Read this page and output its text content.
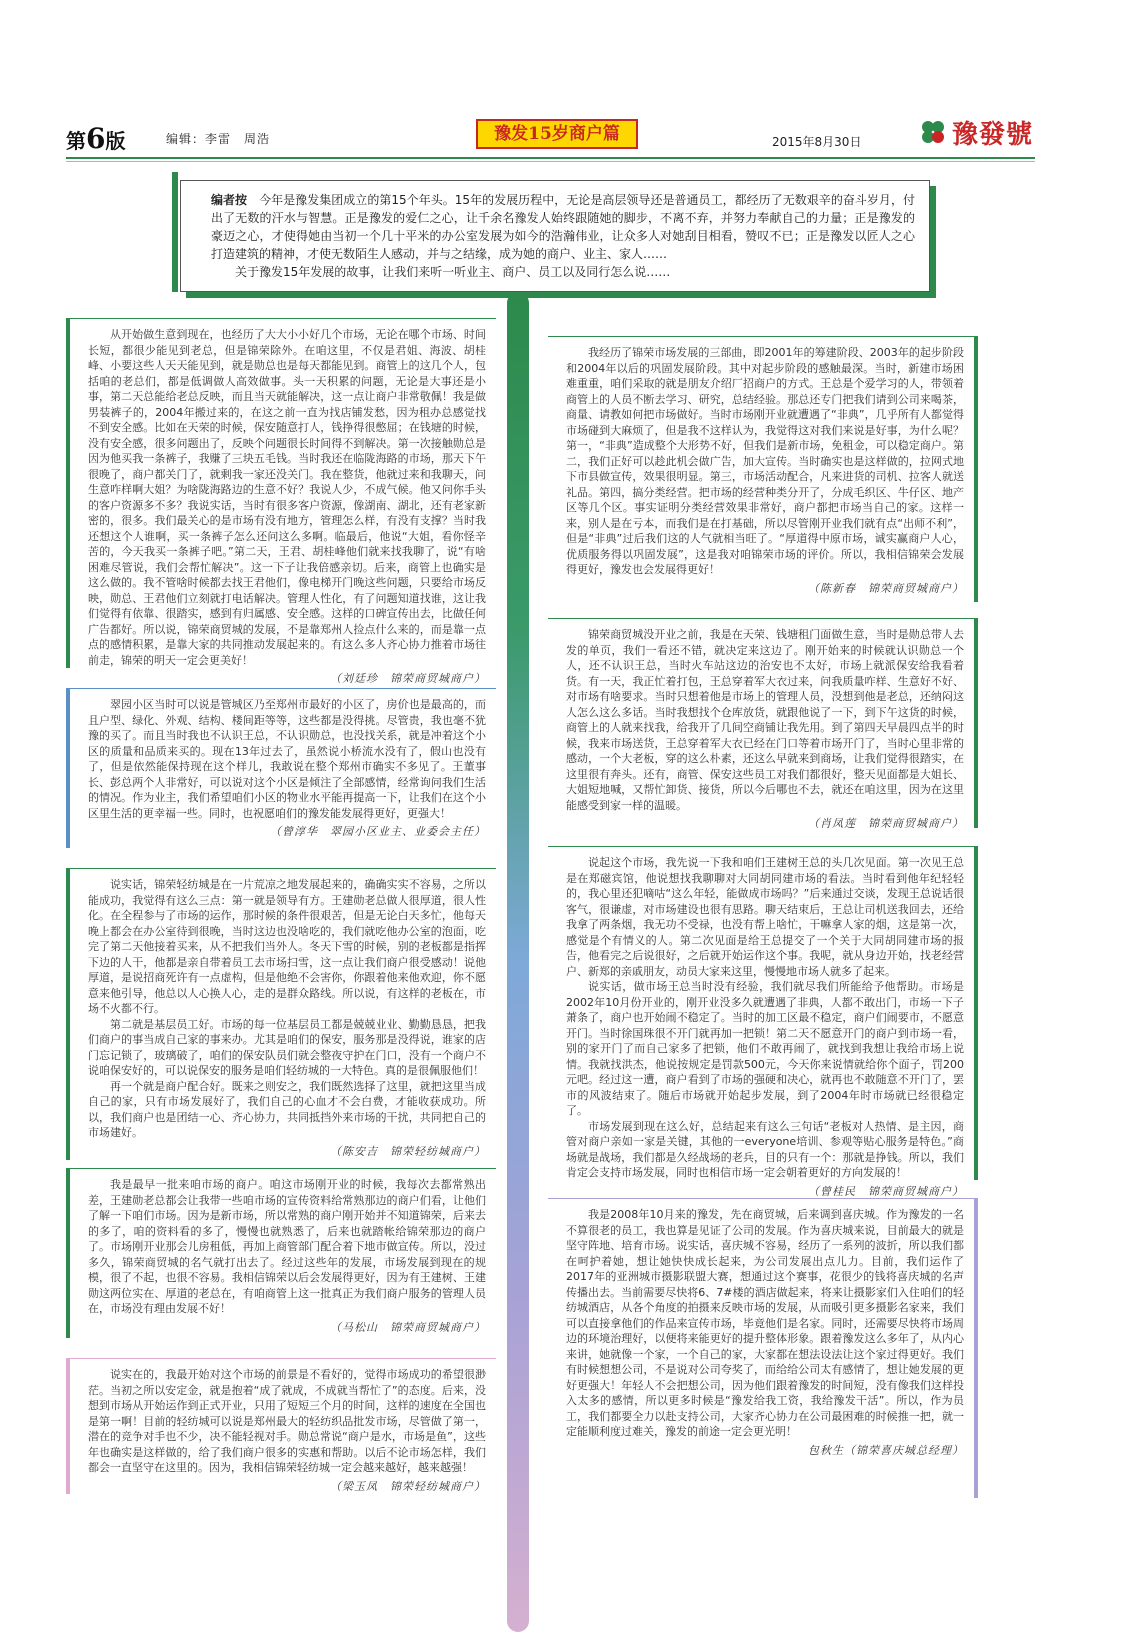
第6版	编辑：李雷　周浩	豫发15岁商户篇	2015年8月30日	豫發號
编者按　 今年是豫发集团成立的第15个年头。15年的发展历程中，无论是高层领导还是普通员工，都经历了无数艰辛的奋斗岁月，付出了无数的汗水与智慧。正是豫发的爱仁之心，让千余名豫发人始终跟随她的脚步，不离不弃，并努力奉献自己的力量；正是豫发的豪迈之心，才使得她由当初一个几十平米的办公室发展为如今的浩瀚伟业，让众多人对她刮目相看，赞叹不已；正是豫发以匠人之心打造建筑的精神，才使无数陌生人感动，并与之结缘，成为她的商户、业主、家人……
关于豫发15年发展的故事，让我们来听一听业主、商户、员工以及同行怎么说……

从开始做生意到现在，也经历了大大小小好几个市场，无论在哪个市场、时间长短，都很少能见到老总，但是锦荣除外。在咱这里，不仅是君姐、海波、胡桂峰、小要这些人天天能见到，就是勋总也是每天都能见到。商管上的这几个人，包括咱的老总们，都是低调做人高效做事。头一天积累的问题，无论是大事还是小事，第二天总能给老总反映，而且当天就能解决，这一点让商户非常敬佩！我是做男装裤子的，2004年搬过来的，在这之前一直为找店铺发愁，因为租办总感觉找不到安全感。比如在天荣的时候，保安随意打人，钱挣得很憋屈；在钱塘的时候，没有安全感，很多问题出了，反映个问题很长时间得不到解决。第一次接触勋总是因为他买我一条裤子，我赚了三块五毛钱。当时我还在临陇海路的市场，那天下午很晚了，商户都关门了，就剩我一家还没关门。我在整货，他就过来和我聊天，问生意咋样啊大姐？为啥陇海路边的生意不好？我说人少，不成气候。他又问你手头的客户资源多不多？我说实话，当时有很多客户资源，像湖南、湖北，还有老家新密的，很多。我们最关心的是市场有没有地方，管理怎么样，有没有支撑？当时我还想这个人谁啊，买一条裤子怎么还问这么多啊。临最后，他说“大姐，看你怪辛苦的，今天我买一条裤子吧。”第二天，王君、胡桂峰他们就来找我聊了，说“有啥困难尽管说，我们会帮忙解决”。这一下子让我倍感亲切。后来，商管上也确实是这么做的。我不管啥时候都去找王君他们，像电梯开门晚这些问题，只要给市场反映，勋总、王君他们立刻就打电话解决。管理人性化，有了问题知道找谁，这让我们觉得有依靠、很踏实，感到有归属感、安全感。这样的口碑宣传出去，比做任何广告都好。所以说，锦荣商贸城的发展，不是靠郑州人捡点什么来的，而是靠一点点的感情积累，是靠大家的共同推动发展起来的。有这么多人齐心协力推着市场往前走，锦荣的明天一定会更美好！

（刘廷珍　锦荣商贸城商户）

翠园小区当时可以说是管城区乃至郑州市最好的小区了，房价也是最高的，而且户型、绿化、外观、结构、楼间距等等，这些都是没得挑。尽管贵，我也毫不犹豫的买了。而且当时我也不认识王总，不认识勋总，也没找关系，就是冲着这个小区的质量和品质来买的。现在13年过去了，虽然说小桥流水没有了，假山也没有了，但是依然能保持现在这个样儿，我敢说在整个郑州市确实不多见了。王董事长、彭总两个人非常好，可以说对这个小区是倾注了全部感情，经常询问我们生活的情况。作为业主，我们希望咱们小区的物业水平能再提高一下，让我们在这个小区里生活的更幸福一些。同时，也祝愿咱们的豫发能发展得更好，更强大！

（曾淳华　翠园小区业主、业委会主任）

说实话，锦荣轻纺城是在一片荒凉之地发展起来的，确确实实不容易，之所以能成功，我觉得有这么三点：第一就是领导有方。王建勋老总做人很厚道，很人性化。在全程参与了市场的运作，那时候的条件很艰苦，但是无论白天多忙，他每天晚上都会在办公室待到很晚，当时这边也没啥吃的，我们就吃他办公室的泡面，吃完了第二天他接着买来，从不把我们当外人。冬天下雪的时候，别的老板都是指挥下边的人干，他都是亲自带着员工去市场扫雪，这一点让我们商户很受感动！说他厚道，是说招商死许有一点虚构，但是他绝不会害你，你跟着他来他欢迎，你不愿意来他引导，他总以人心换人心，走的是群众路线。所以说，有这样的老板在，市场不火都不行。

第二就是基层员工好。市场的每一位基层员工都是兢兢业业、勤勤恳恳，把我们商户的事当成自己家的事来办。尤其是咱们的保安，服务那是没得说，谁家的店门忘记锁了，玻璃破了，咱们的保安队员们就会整夜守护在门口，没有一个商户不说咱保安好的，可以说保安的服务是咱们轻纺城的一大特色。真的是很佩服他们！

再一个就是商户配合好。既来之则安之，我们既然选择了这里，就把这里当成自己的家，只有市场发展好了，我们自己的心血才不会白费，才能收获成功。所以，我们商户也是团结一心、齐心协力，共同抵挡外来市场的干扰，共同把自己的市场建好。

（陈安吉　锦荣轻纺城商户）

我是最早一批来咱市场的商户。咱这市场刚开业的时候，我每次去都常熟出差，王建勋老总都会让我带一些咱市场的宣传资料给常熟那边的商户们看，让他们了解一下咱们市场。因为是新市场，所以常熟的商户刚开始并不知道锦荣，后来去的多了，咱的资料看的多了，慢慢也就熟悉了，后来也就踏帐给锦荣那边的商户了。市场刚开业那会儿房租低，再加上商管部门配合着下地市做宣传。所以，没过多久，锦荣商贸城的名气就打出去了。经过这些年的发展，市场发展到现在的规模，很了不起，也很不容易。我相信锦荣以后会发展得更好，因为有王建树、王建勋这两位实在、厚道的老总在，有咱商管上这一批真正为我们商户服务的管理人员在，市场没有理由发展不好！

（马松山　锦荣商贸城商户）

说实在的，我最开始对这个市场的前景是不看好的，觉得市场成功的希望很渺茫。当初之所以安定金，就是抱着“成了就成，不成就当帮忙了”的态度。后来，没想到市场从开始运作到正式开业，只用了短短三个月的时间，这样的速度在全国也是第一啊！目前的轻纺城可以说是郑州最大的轻纺织品批发市场，尽管做了第一，潜在的竞争对手也不少，决不能轻视对手。勋总常说“商户是水，市场是鱼”，这些年也确实是这样做的，给了我们商户很多的实惠和帮助。以后不论市场怎样，我们都会一直坚守在这里的。因为，我相信锦荣轻纺城一定会越来越好，越来越强！

（梁玉凤　锦荣轻纺城商户）

我经历了锦荣市场发展的三部曲，即2001年的筹建阶段、2003年的起步阶段和2004年以后的巩固发展阶段。其中对起步阶段的感触最深。当时，新建市场困难重重，咱们采取的就是朋友介绍厂招商户的方式。王总是个爱学习的人，带领着商管上的人员不断去学习、研究，总结经验。那总还专门把我们请到公司来喝茶，商量、请教如何把市场做好。当时市场刚开业就遭遇了“非典”，几乎所有人都觉得市场碰到大麻烦了，但是我不这样认为，我觉得这对我们来说是好事，为什么呢？第一，“非典”造成整个大形势不好，但我们是新市场，免租金，可以稳定商户。第二，我们正好可以趁此机会做广告，加大宣传。当时确实也是这样做的，拉网式地下市县做宣传，效果很明显。第三，市场活动配合，凡来进货的司机、拉客人就送礼品。第四，搞分类经营。把市场的经营种类分开了，分成毛织区、牛仔区、地产区等几个区。事实证明分类经营效果非常好，商户都把市场当自己的家。这样一来，别人是在亏本，而我们是在打基础，所以尽管刚开业我们就有点“出师不利”，但是“非典”过后我们这的人气就相当旺了。“厚道得中原市场，诚实赢商户人心，优质服务得以巩固发展”，这是我对咱锦荣市场的评价。所以，我相信锦荣会发展得更好，豫发也会发展得更好！

（陈新春　锦荣商贸城商户）

锦荣商贸城没开业之前，我是在天荣、钱塘租门面做生意，当时是勋总带人去发的单页，我们一看还不错，就决定来这边了。刚开始来的时候就认识勋总一个人，还不认识王总，当时火车站这边的治安也不太好，市场上就派保安给我看着货。有一天，我正忙着打包，王总穿着军大衣过来，问我质量咋样、生意好不好、对市场有啥要求。当时只想着他是市场上的管理人员，没想到他是老总，还纳闷这人怎么这么多话。当时我想找个仓库放货，就跟他说了一下，到下午这货的时候，商管上的人就来找我，给我开了几间空商铺让我先用。到了第四天早晨四点半的时候，我来市场送货，王总穿着军大衣已经在门口等着市场开门了，当时心里非常的感动，一个大老板，穿的这么朴素，还这么早就来到商场，让我们觉得很踏实，在这里很有奔头。还有，商管、保安这些员工对我们都很好，整天见面都是大姐长、大姐短地喊，又帮忙卸货、接货，所以今后哪也不去，就还在咱这里，因为在这里能感受到家一样的温暖。

（肖凤莲　锦荣商贸城商户）

说起这个市场，我先说一下我和咱们王建树王总的头几次见面。第一次见王总是在郑磁宾馆，他说想找我聊聊对大同胡同建市场的看法。当时看到他年纪轻轻的，我心里还犯嘀咕“这么年轻，能做成市场吗？”后来通过交谈，发现王总说话很客气，很谦虚，对市场建设也很有思路。聊天结束后，王总让司机送我回去，还给我拿了两条烟，我无功不受禄，也没有帮上啥忙，干嘛拿人家的烟，这是第一次，感觉是个有情义的人。第二次见面是给王总提交了一个关于大同胡同建市场的报告，他看完之后说很好，之后就开始运作这个事。我呢，就从身边开始，找老经营户、新郑的亲戚朋友，动员大家来这里，慢慢地市场人就多了起来。

说实话，做市场王总当时没有经验，我们就尽我们所能给予他帮助。市场是2002年10月份开业的，刚开业没多久就遭遇了非典，人都不敢出门，市场一下子萧条了，商户也开始闹不稳定了。当时的加工区最不稳定，商户们闹要市，不愿意开门。当时徐国珠很不开门就再加一把锁！第二天不愿意开门的商户到市场一看，别的家开门了而自己家多了把锁，他们不敢再闹了，就找到我想让我给市场上说情。我就找洪杰，他说按规定是罚款500元，今天你来说情就给你个面子，罚200元吧。经过这一遭，商户看到了市场的强硬和决心，就再也不敢随意不开门了，罢市的风波结束了。随后市场就开始起步发展，到了2004年时市场就已经很稳定了。

市场发展到现在这么好，总结起来有这么三句话“老板对人热情、是主因，商管对商户亲如一家是关键，其他的一everyone培训、参观等贴心服务是特色。”商场就是战场，我们都是久经战场的老兵，目的只有一个：那就是挣钱。所以，我们肯定会支持市场发展，同时也相信市场一定会朝着更好的方向发展的！

（曾桂民　锦荣商贸城商户）

我是2008年10月来的豫发，先在商贸城，后来调到喜庆城。作为豫发的一名不算很老的员工，我也算是见证了公司的发展。作为喜庆城来说，目前最大的就是坚守阵地、培育市场。说实话，喜庆城不容易，经历了一系列的波折，所以我们都在呵护着她，想让她快快成长起来，为公司发展出点儿力。目前，我们运作了2017年的亚洲城市摄影联盟大赛，想通过这个赛事，花很少的钱将喜庆城的名声传播出去。当前需要尽快将6、7#楼的酒店做起来，将来让摄影家们入住咱们的轻纺城酒店，从各个角度的拍摄来反映市场的发展，从而吸引更多摄影名家来，我们可以直接拿他们的作品来宣传市场，毕竟他们是名家。同时，还需要尽快将市场周边的环境治理好，以便将来能更好的提升整体形象。跟着豫发这么多年了，从内心来讲，她就像一个家，一个自己的家，大家都在想法设法让这个家过得更好。我们有时候想想公司，不是说对公司夸奖了，而给给公司太有感情了，想让她发展的更好更强大！年轻人不会把想公司，因为他们跟着豫发的时间短，没有像我们这样投入太多的感情，所以更多时候是“豫发给我工资，我给豫发干活”。所以，作为员工，我们都要全力以赴支持公司，大家齐心协力在公司最困难的时候推一把，就一定能顺利度过难关，豫发的前途一定会更光明！

包秋生（锦荣喜庆城总经理）
